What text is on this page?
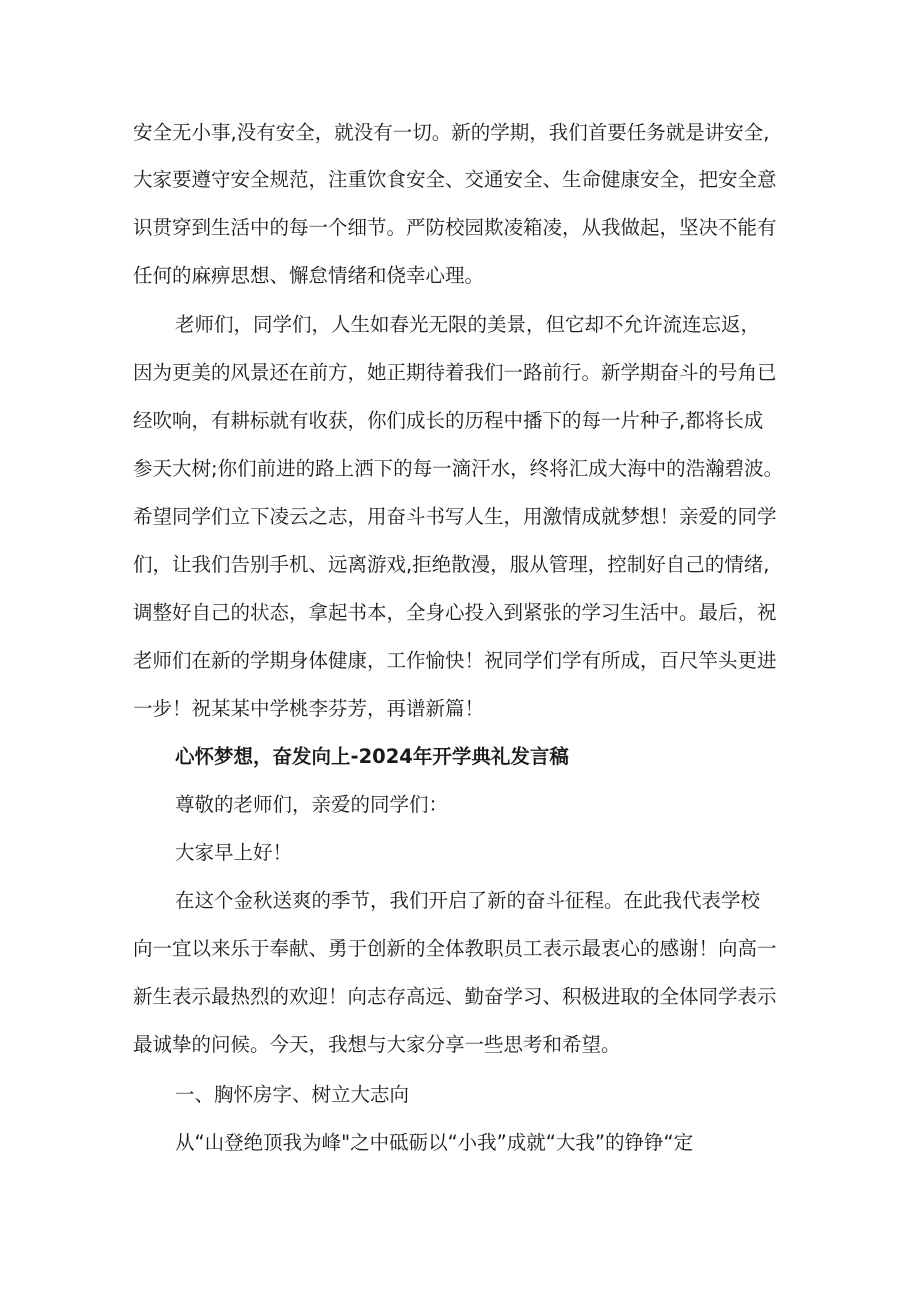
安全无小事,没有安全，就没有一切。新的学期，我们首要任务就是讲安全,
大家要遵守安全规范，注重饮食安全、交通安全、生命健康安全，把安全意
识贯穿到生活中的每一个细节。严防校园欺凌箱凌，从我做起，坚决不能有
任何的麻痹思想、懈怠情绪和侥幸心理。
老师们，同学们，人生如春光无限的美景，但它却不允许流连忘返，
因为更美的风景还在前方，她正期待着我们一路前行。新学期奋斗的号角已
经吹响，有耕标就有收获，你们成长的历程中播下的每一片种子,都将长成
参天大树;你们前进的路上洒下的每一滴汗水，终将汇成大海中的浩瀚碧波。
希望同学们立下凌云之志，用奋斗书写人生，用激情成就梦想！亲爱的同学
们，让我们告别手机、远离游戏,拒绝散漫，服从管理，控制好自己的情绪,
调整好自己的状态，拿起书本，全身心投入到紧张的学习生活中。最后，祝
老师们在新的学期身体健康，工作愉快！祝同学们学有所成，百尺竿头更进
一步！祝某某中学桃李芬芳，再谱新篇！
心怀梦想，奋发向上-2024年开学典礼发言稿
尊敬的老师们，亲爱的同学们：
大家早上好！
在这个金秋送爽的季节，我们开启了新的奋斗征程。在此我代表学校
向一宜以来乐于奉献、勇于创新的全体教职员工表示最衷心的感谢！向高一
新生表示最热烈的欢迎！向志存高远、勤奋学习、积极进取的全体同学表示
最诚挚的问候。今天，我想与大家分享一些思考和希望。
一、胸怀房字、树立大志向
从“山登绝顶我为峰"之中砥砺以“小我”成就“大我”的铮铮“定
